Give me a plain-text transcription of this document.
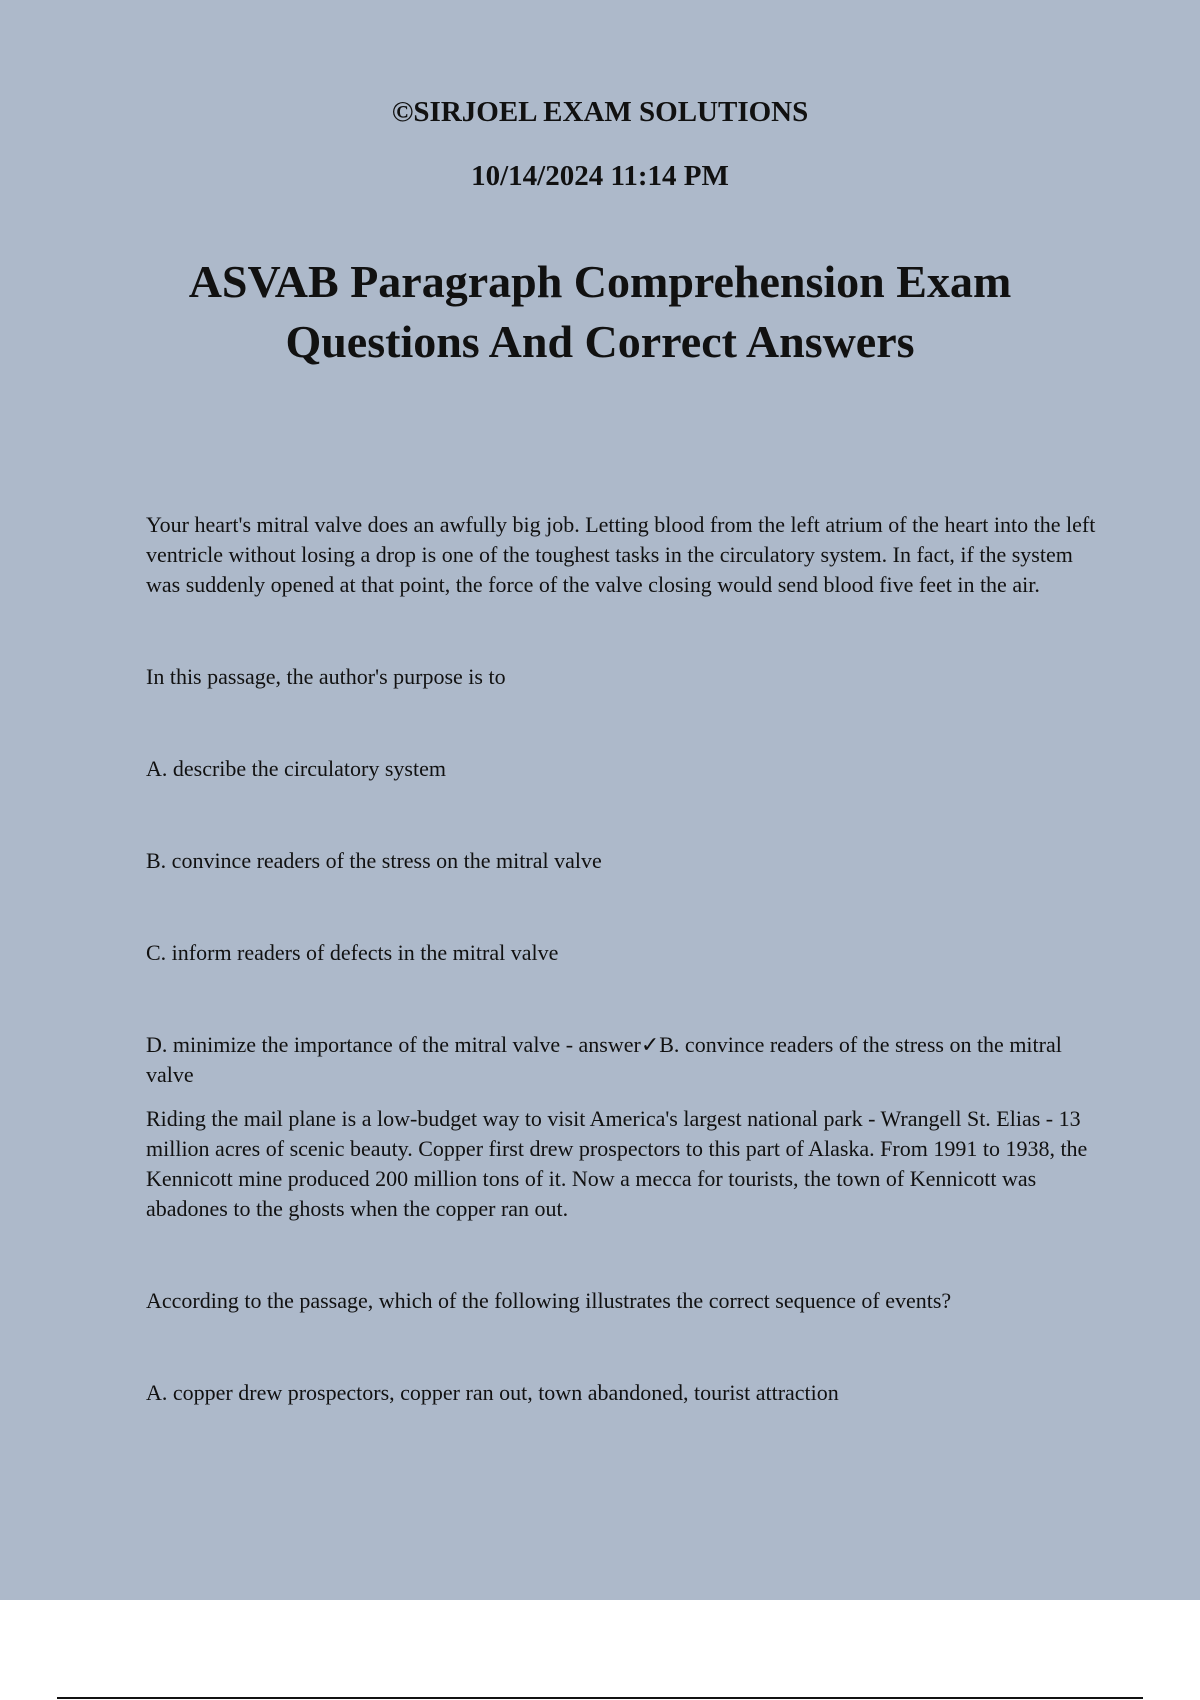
©SIRJOEL EXAM SOLUTIONS

10/14/2024 11:14 PM

ASVAB Paragraph Comprehension Exam
Questions And Correct Answers

Your heart's mitral valve does an awfully big job. Letting blood from the left atrium of the heart into the left ventricle without losing a drop is one of the toughest tasks in the circulatory system. In fact, if the system was suddenly opened at that point, the force of the valve closing would send blood five feet in the air.

In this passage, the author's purpose is to

A. describe the circulatory system

B. convince readers of the stress on the mitral valve

C. inform readers of defects in the mitral valve

D. minimize the importance of the mitral valve - answer✓B. convince readers of the stress on the mitral valve

Riding the mail plane is a low-budget way to visit America's largest national park - Wrangell St. Elias - 13 million acres of scenic beauty. Copper first drew prospectors to this part of Alaska. From 1991 to 1938, the Kennicott mine produced 200 million tons of it. Now a mecca for tourists, the town of Kennicott was abadones to the ghosts when the copper ran out.

According to the passage, which of the following illustrates the correct sequence of events?

A. copper drew prospectors, copper ran out, town abandoned, tourist attraction
